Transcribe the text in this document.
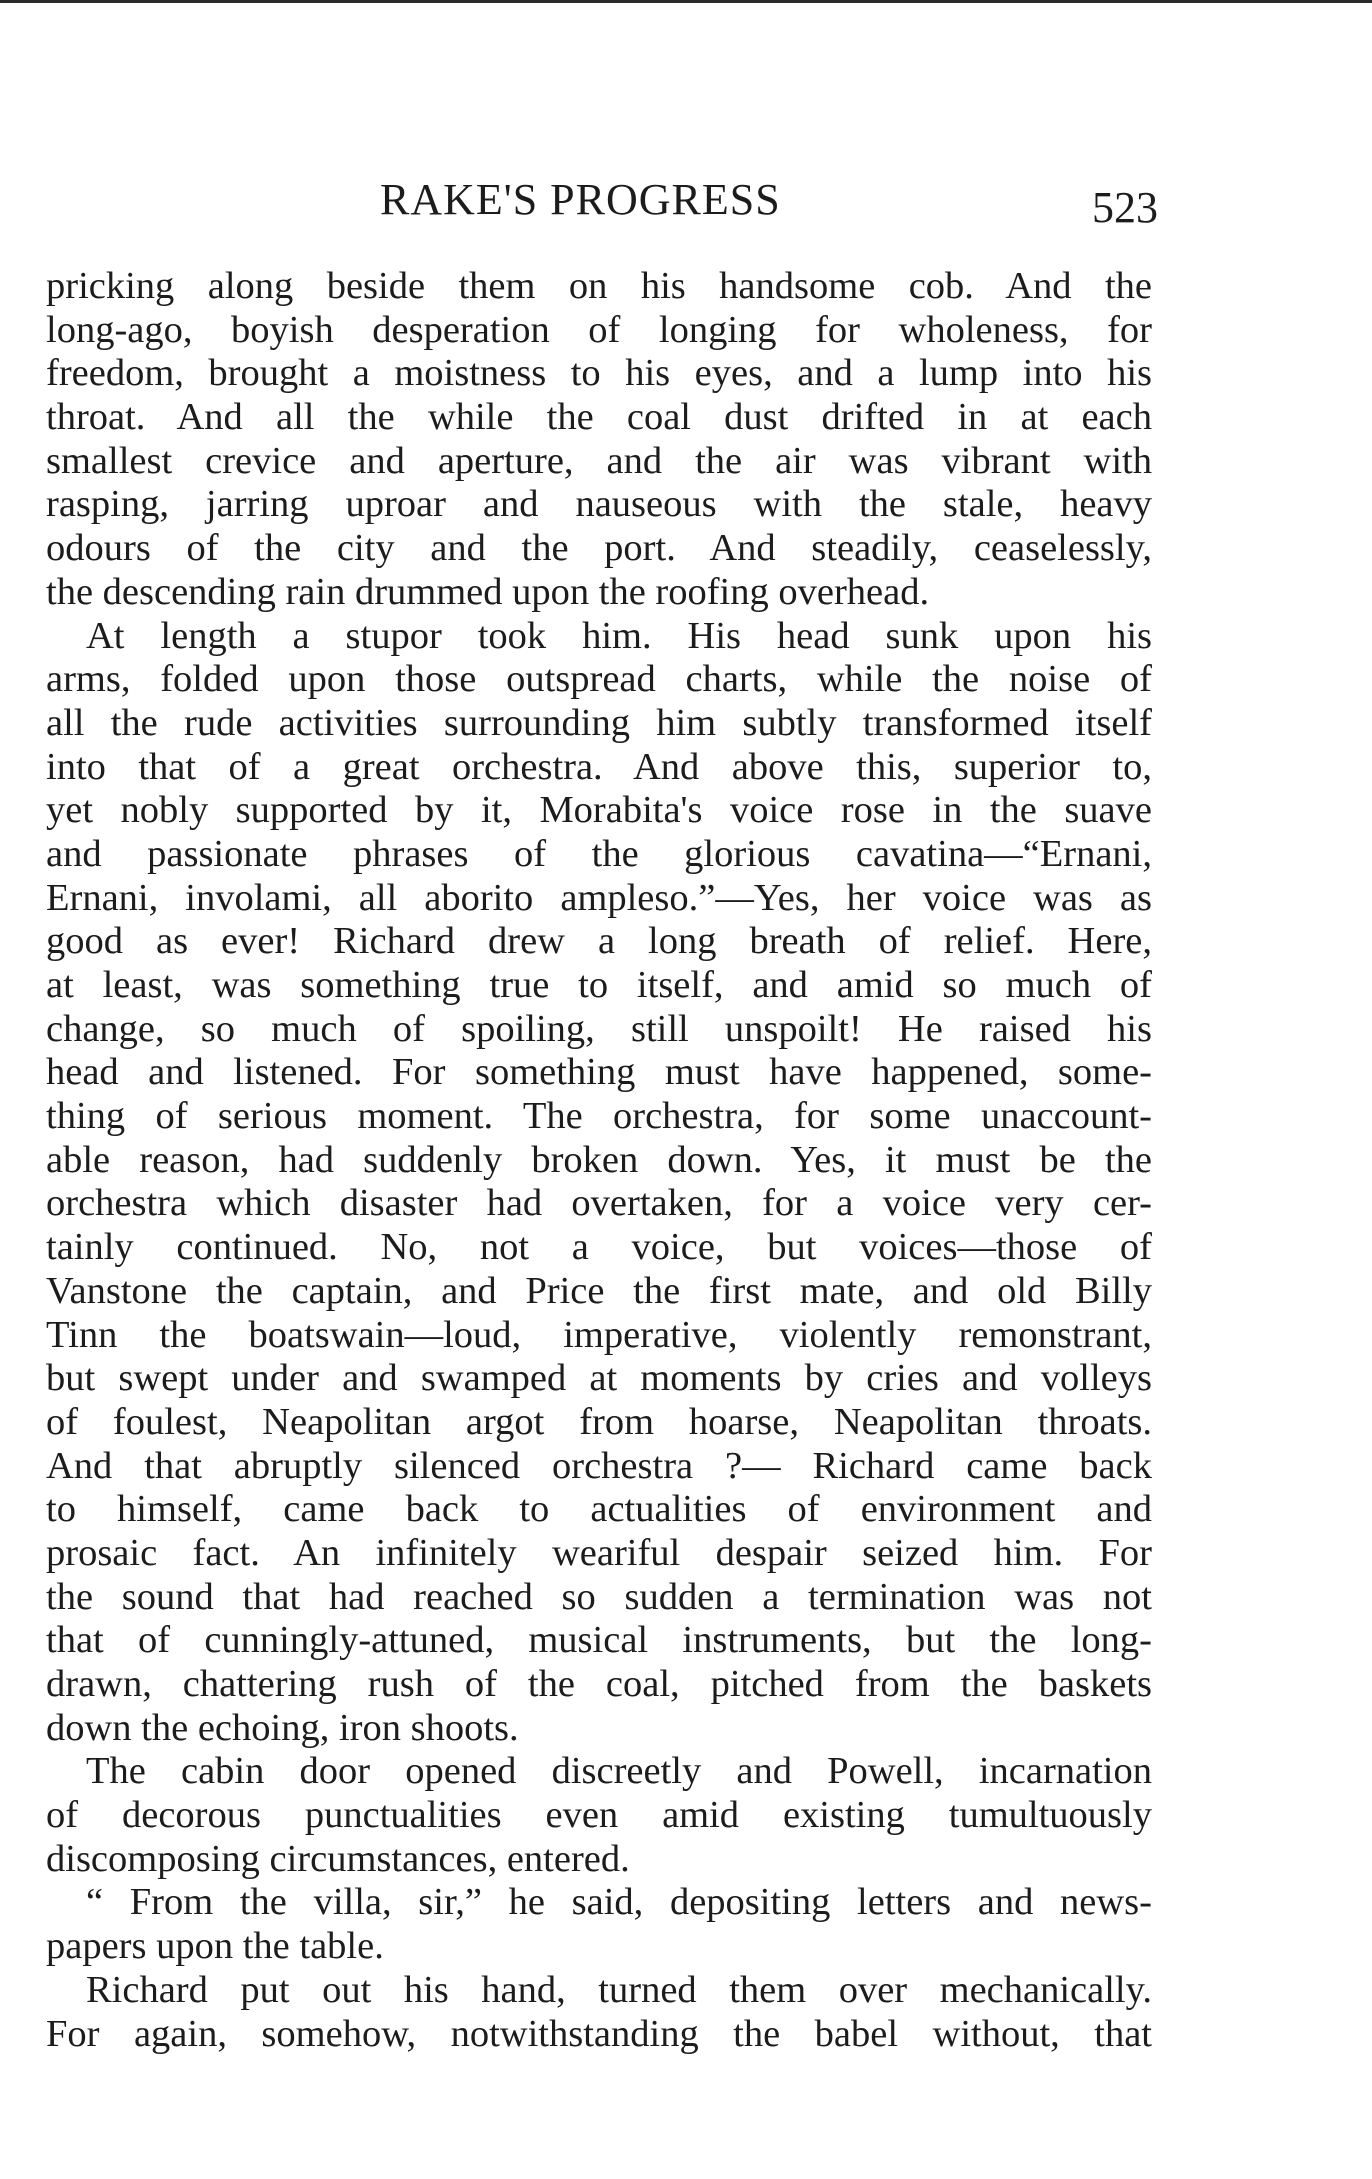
RAKE'S PROGRESS	523
pricking along beside them on his handsome cob. And the
long-ago, boyish desperation of longing for wholeness, for
freedom, brought a moistness to his eyes, and a lump into his
throat. And all the while the coal dust drifted in at each
smallest crevice and aperture, and the air was vibrant with
rasping, jarring uproar and nauseous with the stale, heavy
odours of the city and the port. And steadily, ceaselessly,
the descending rain drummed upon the roofing overhead.
At length a stupor took him. His head sunk upon his
arms, folded upon those outspread charts, while the noise of
all the rude activities surrounding him subtly transformed itself
into that of a great orchestra. And above this, superior to,
yet nobly supported by it, Morabita's voice rose in the suave
and passionate phrases of the glorious cavatina—“Ernani,
Ernani, involami, all aborito ampleso.”—Yes, her voice was as
good as ever! Richard drew a long breath of relief. Here,
at least, was something true to itself, and amid so much of
change, so much of spoiling, still unspoilt! He raised his
head and listened. For something must have happened, some-
thing of serious moment. The orchestra, for some unaccount-
able reason, had suddenly broken down. Yes, it must be the
orchestra which disaster had overtaken, for a voice very cer-
tainly continued. No, not a voice, but voices—those of
Vanstone the captain, and Price the first mate, and old Billy
Tinn the boatswain—loud, imperative, violently remonstrant,
but swept under and swamped at moments by cries and volleys
of foulest, Neapolitan argot from hoarse, Neapolitan throats.
And that abruptly silenced orchestra ?— Richard came back
to himself, came back to actualities of environment and
prosaic fact. An infinitely weariful despair seized him. For
the sound that had reached so sudden a termination was not
that of cunningly-attuned, musical instruments, but the long-
drawn, chattering rush of the coal, pitched from the baskets
down the echoing, iron shoots.
The cabin door opened discreetly and Powell, incarnation
of decorous punctualities even amid existing tumultuously
discomposing circumstances, entered.
“ From the villa, sir,” he said, depositing letters and news-
papers upon the table.
Richard put out his hand, turned them over mechanically.
For again, somehow, notwithstanding the babel without, that
